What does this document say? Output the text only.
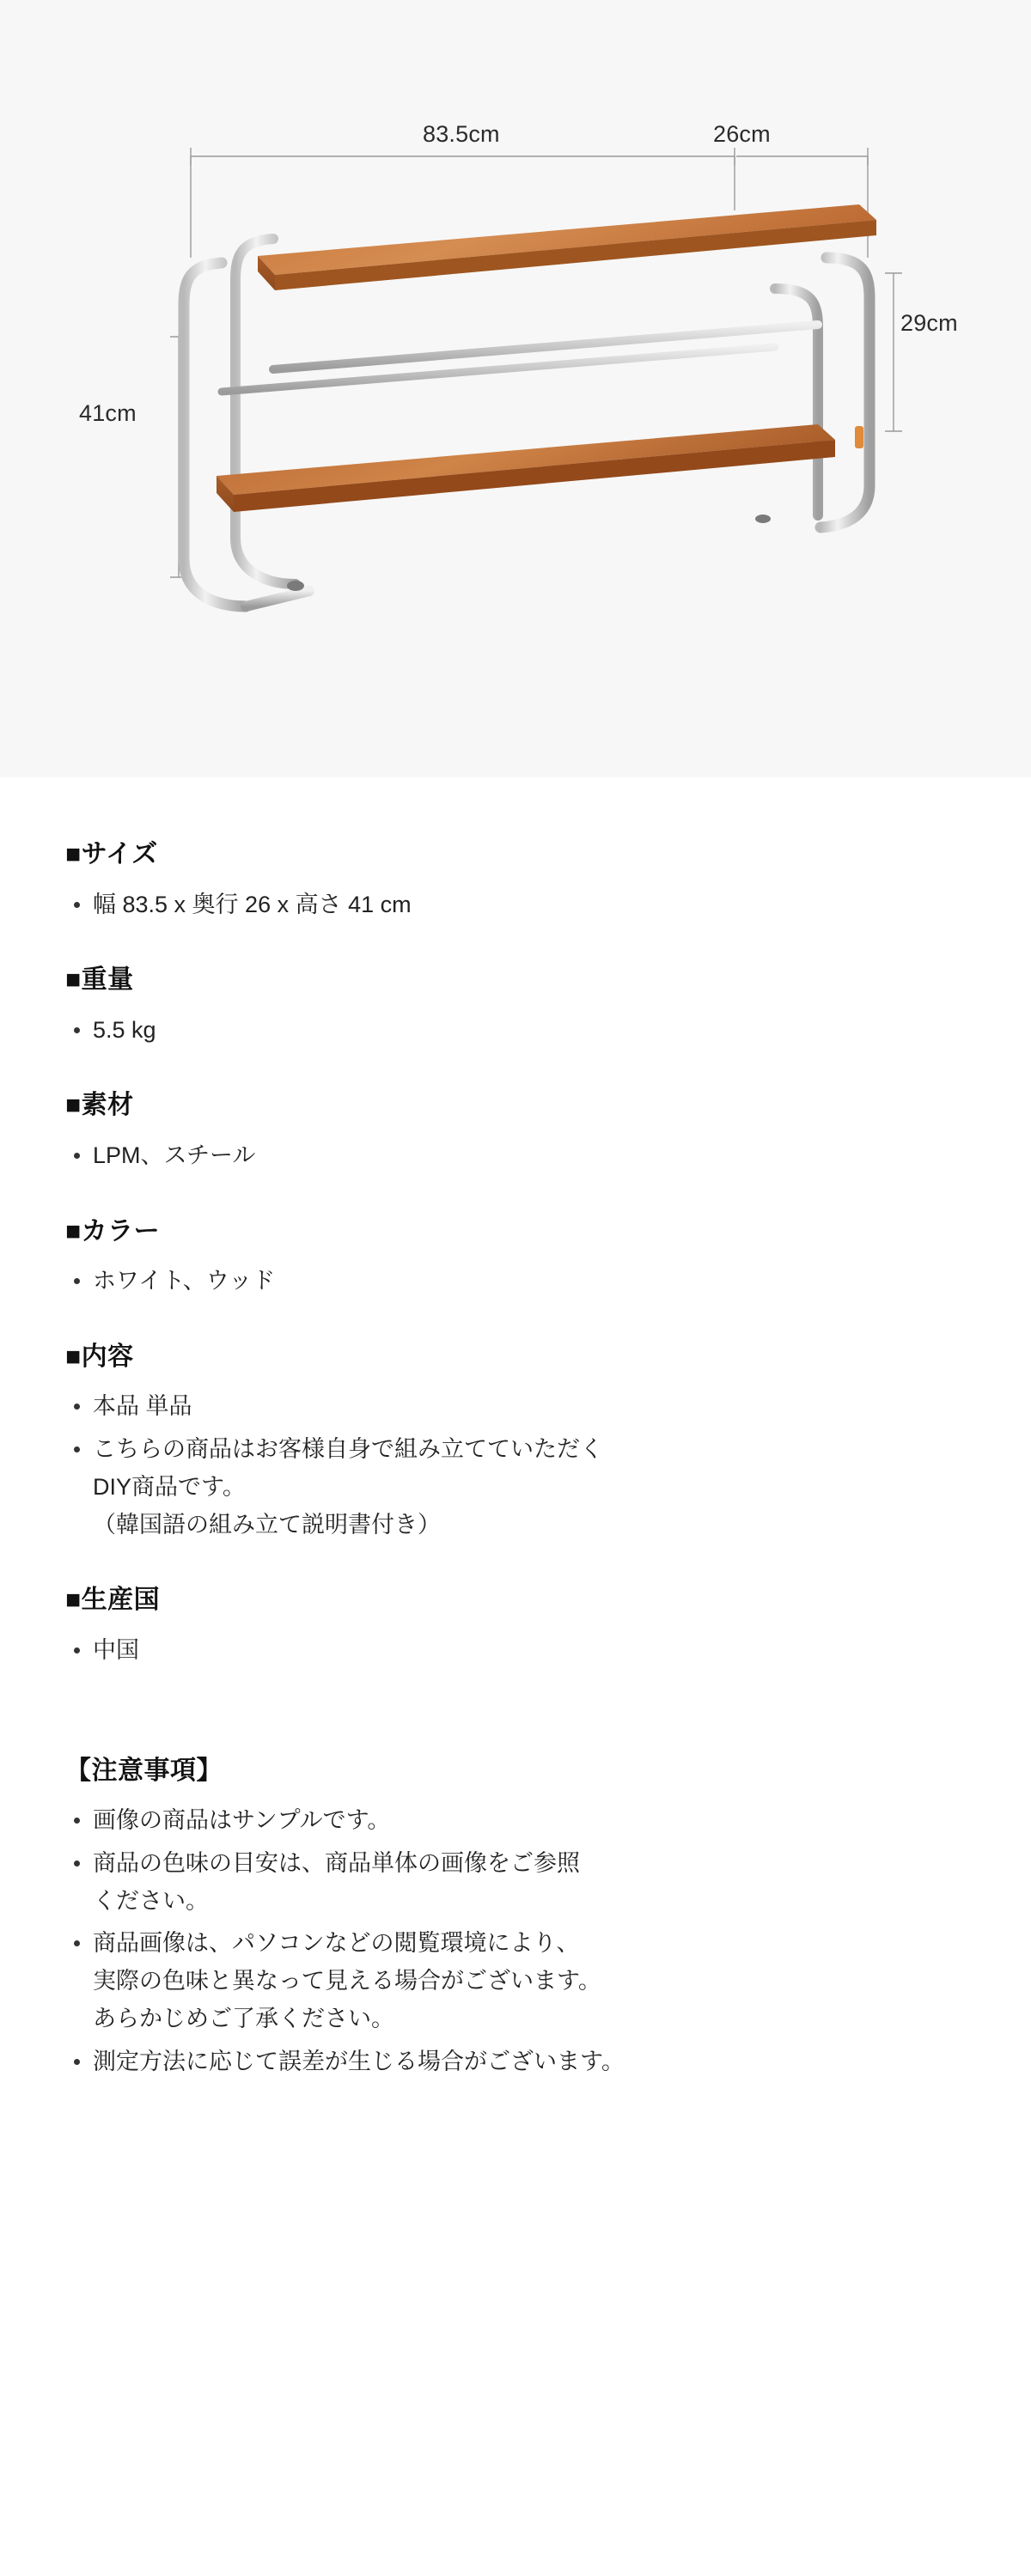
83.5cm	26cm
29cm
41cm
■サイズ
幅 83.5 x 奥行 26 x 高さ 41 cm
■重量
5.5 kg
■素材
LPM、スチール
■カラー
ホワイト、ウッド
■内容
本品 単品
こちらの商品はお客様自身で組み立てていただく
DIY商品です。
（韓国語の組み立て説明書付き）
■生産国
中国
【注意事項】
画像の商品はサンプルです。
商品の色味の目安は、商品単体の画像をご参照
ください。
商品画像は、パソコンなどの閲覧環境により、
実際の色味と異なって見える場合がございます。
あらかじめご了承ください。
測定方法に応じて誤差が生じる場合がございます。
